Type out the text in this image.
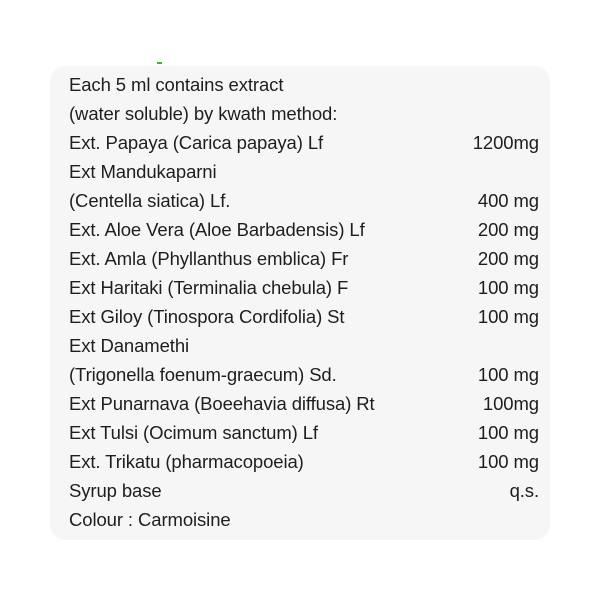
Each 5 ml contains extract
(water soluble) by kwath method:
Ext. Papaya (Carica papaya) Lf	1200mg
Ext Mandukaparni
(Centella siatica) Lf.	400 mg
Ext. Aloe Vera (Aloe Barbadensis) Lf	200 mg
Ext. Amla (Phyllanthus emblica) Fr	200 mg
Ext Haritaki (Terminalia chebula) F	100 mg
Ext Giloy (Tinospora Cordifolia) St	100 mg
Ext Danamethi
(Trigonella foenum-graecum) Sd.	100 mg
Ext Punarnava (Boeehavia diffusa) Rt	100mg
Ext Tulsi (Ocimum sanctum) Lf	100 mg
Ext. Trikatu (pharmacopoeia)	100 mg
Syrup base	q.s.
Colour : Carmoisine
